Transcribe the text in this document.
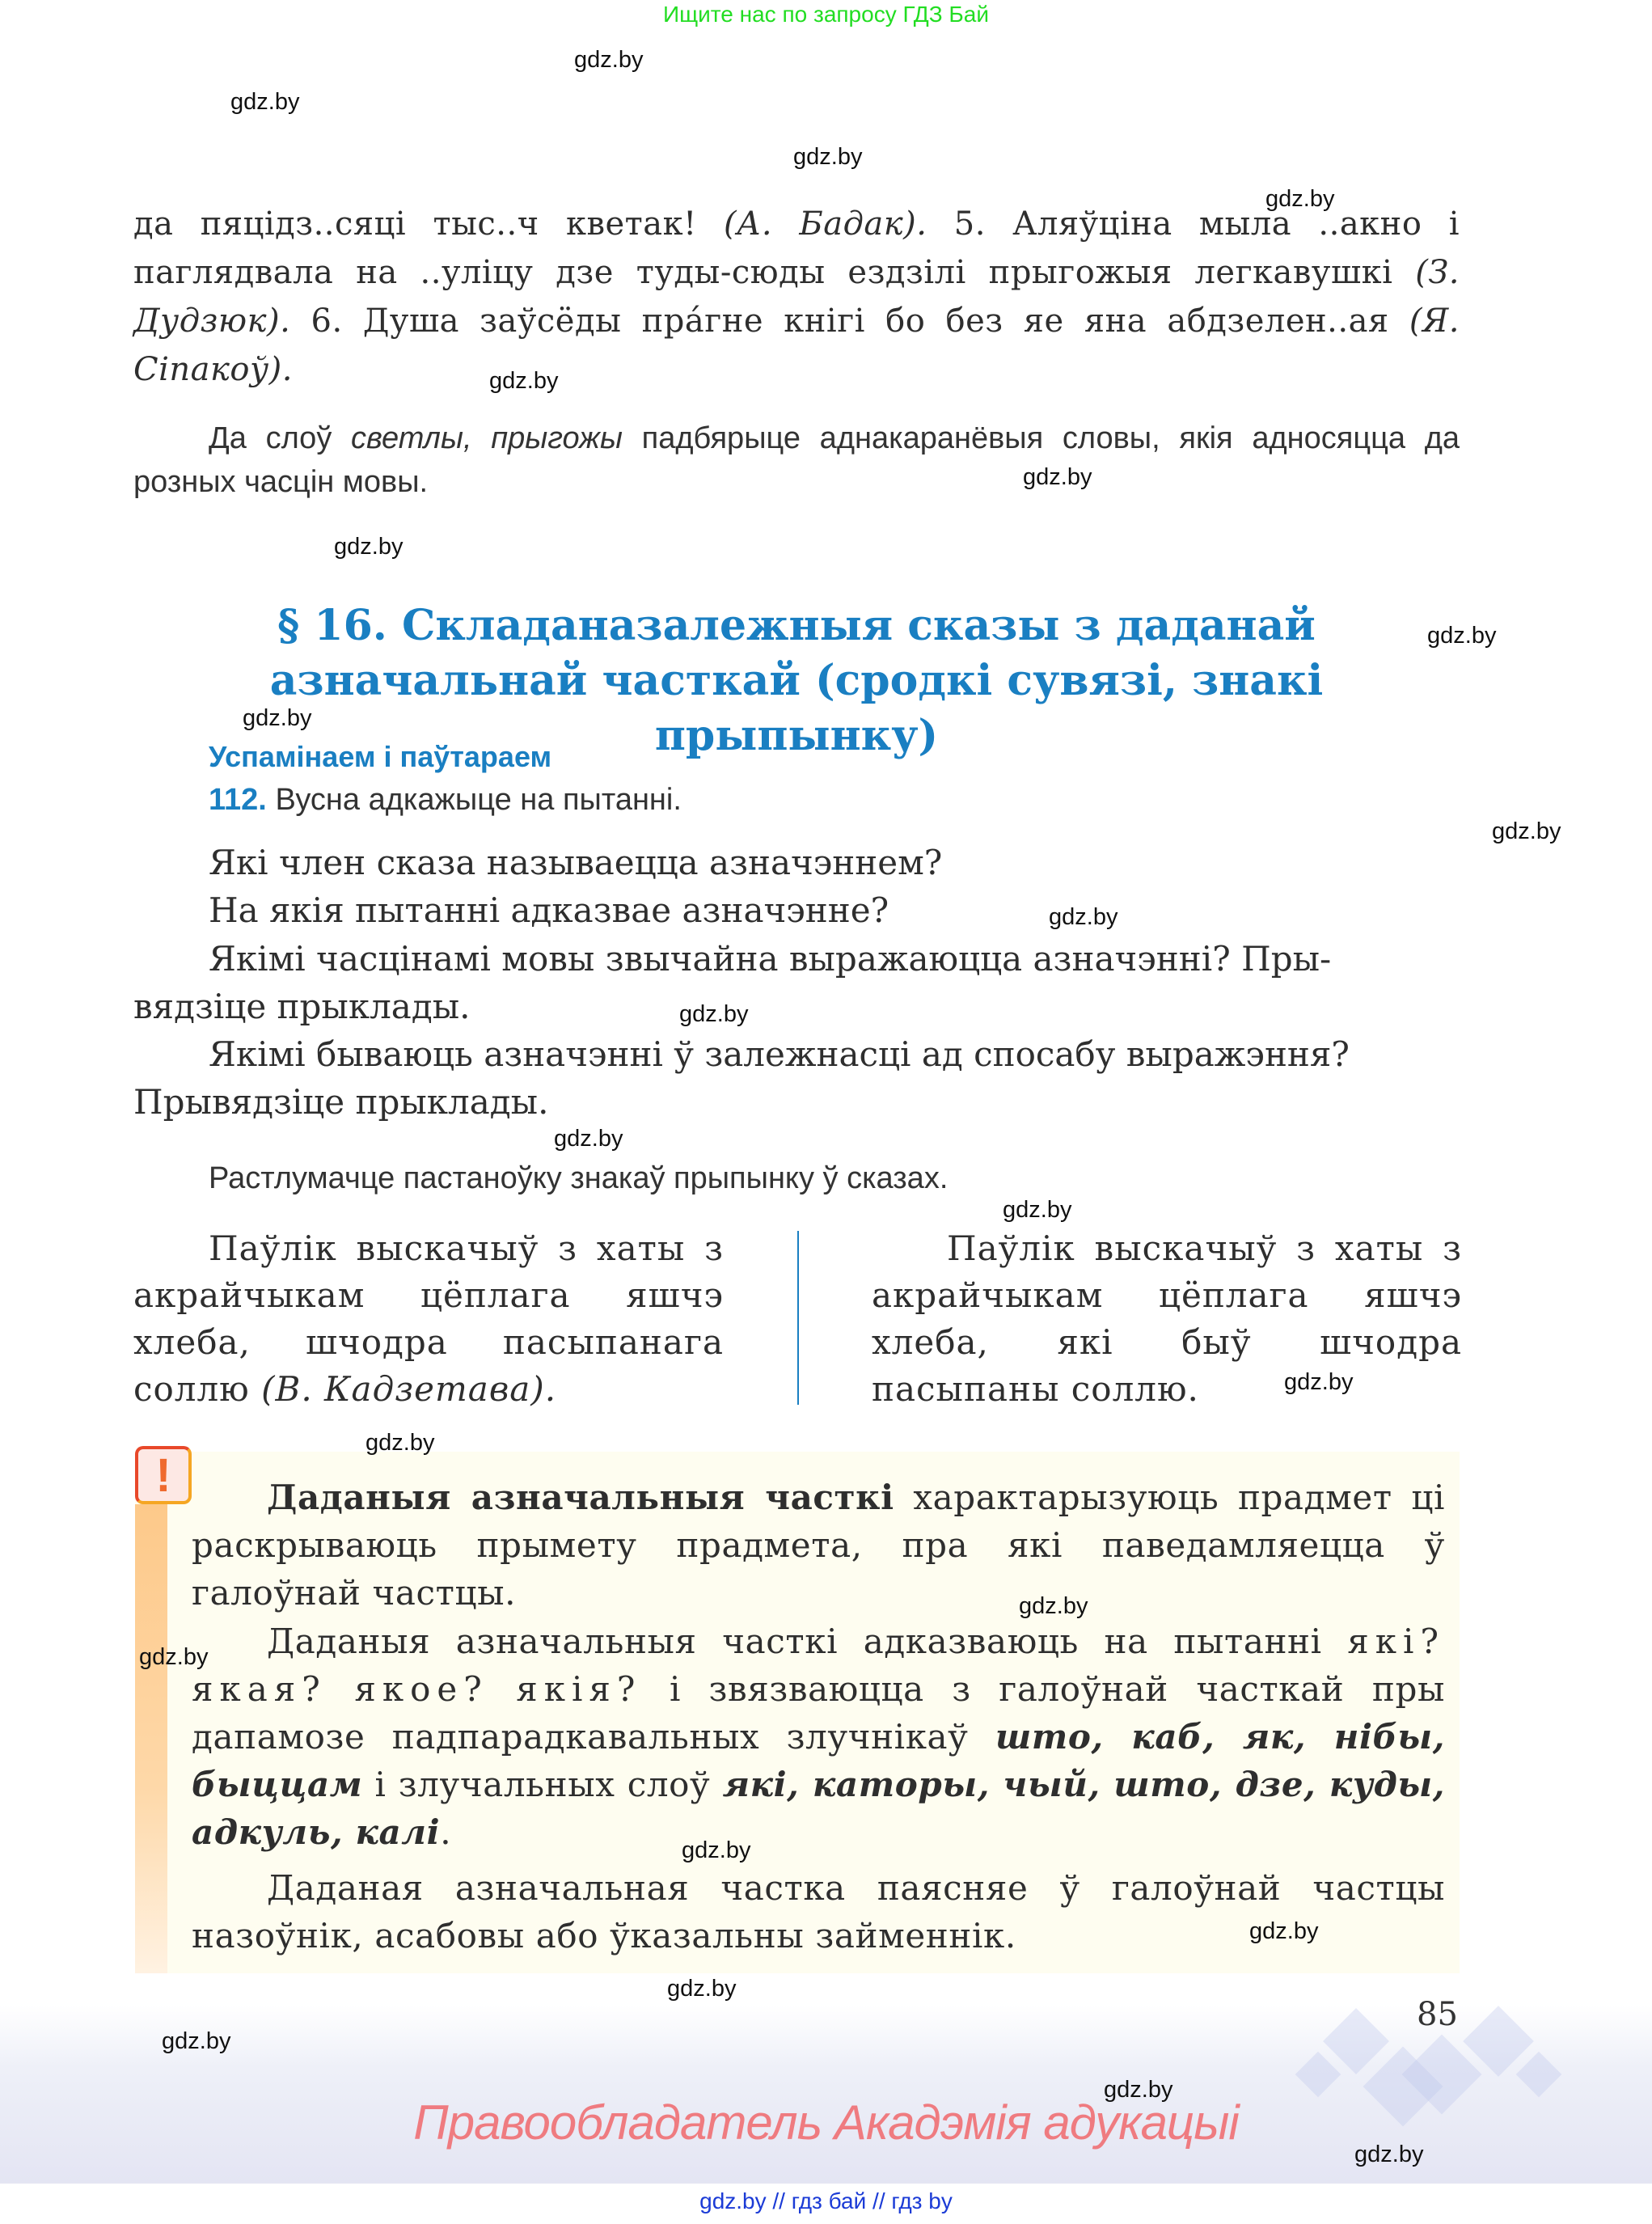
Ищите нас по запросу ГДЗ Бай
да пяцідз..сяці тыс..ч кветак! (А. Бадак). 5. Аляўціна мыла ..акно і паглядвала на ..уліцу дзе туды-сюды ездзілі прыгожыя легкавушкі (З. Дудзюк). 6. Душа заўсёды пра́гне кнігі бо без яе яна абдзелен..ая (Я. Сіпакоў).
Да слоў светлы, прыгожы падбярыце аднакаранёвыя словы, якія адносяцца да розных часцін мовы.
§ 16. Складаназалежныя сказы з даданай
азначальнай часткай (сродкі сувязі, знакі прыпынку)
Успамінаем і паўтараем
112. Вусна адкажыце на пытанні.
Які член сказа называецца азначэннем?
На якія пытанні адказвае азначэнне?
Якімі часцінамі мовы звычайна выражаюцца азначэнні? Пры-
вядзіце прыклады.
Якімі бываюць азначэнні ў залежнасці ад спосабу выражэння?
Прывядзіце прыклады.
Растлумачце пастаноўку знакаў прыпынку ў сказах.
Паўлік выскачыў з хаты з акрайчыкам цёплага яшчэ хлеба, шчодра пасыпанага соллю (В. Кадзетава).
Паўлік выскачыў з хаты з акрайчыкам цёплага яшчэ хлеба, які быў шчодра пасыпаны соллю.
!	Даданыя азначальныя часткі характарызуюць прадмет ці раскрываюць прымету прадмета, пра які паведамляецца ў галоўнай частцы.
Даданыя азначальныя часткі адказваюць на пытанні які? якая? якое? якія? і звязваюцца з галоўнай часткай пры дапамозе падпарадкавальных злучнікаў што, каб, як, нібы, быццам і злучальных слоў які, каторы, чый, што, дзе, куды, адкуль, калі.
Даданая азначальная частка паясняе ў галоўнай частцы назоўнік, асабовы або ўказальны займеннік.
85
Правообладатель Акадэмія адукацыі
gdz.by // гдз бай // гдз by
gdz.by
gdz.by
gdz.by
gdz.by
gdz.by
gdz.by
gdz.by
gdz.by
gdz.by
gdz.by
gdz.by
gdz.by
gdz.by
gdz.by
gdz.by
gdz.by
gdz.by
gdz.by
gdz.by
gdz.by
gdz.by
gdz.by
gdz.by
gdz.by
